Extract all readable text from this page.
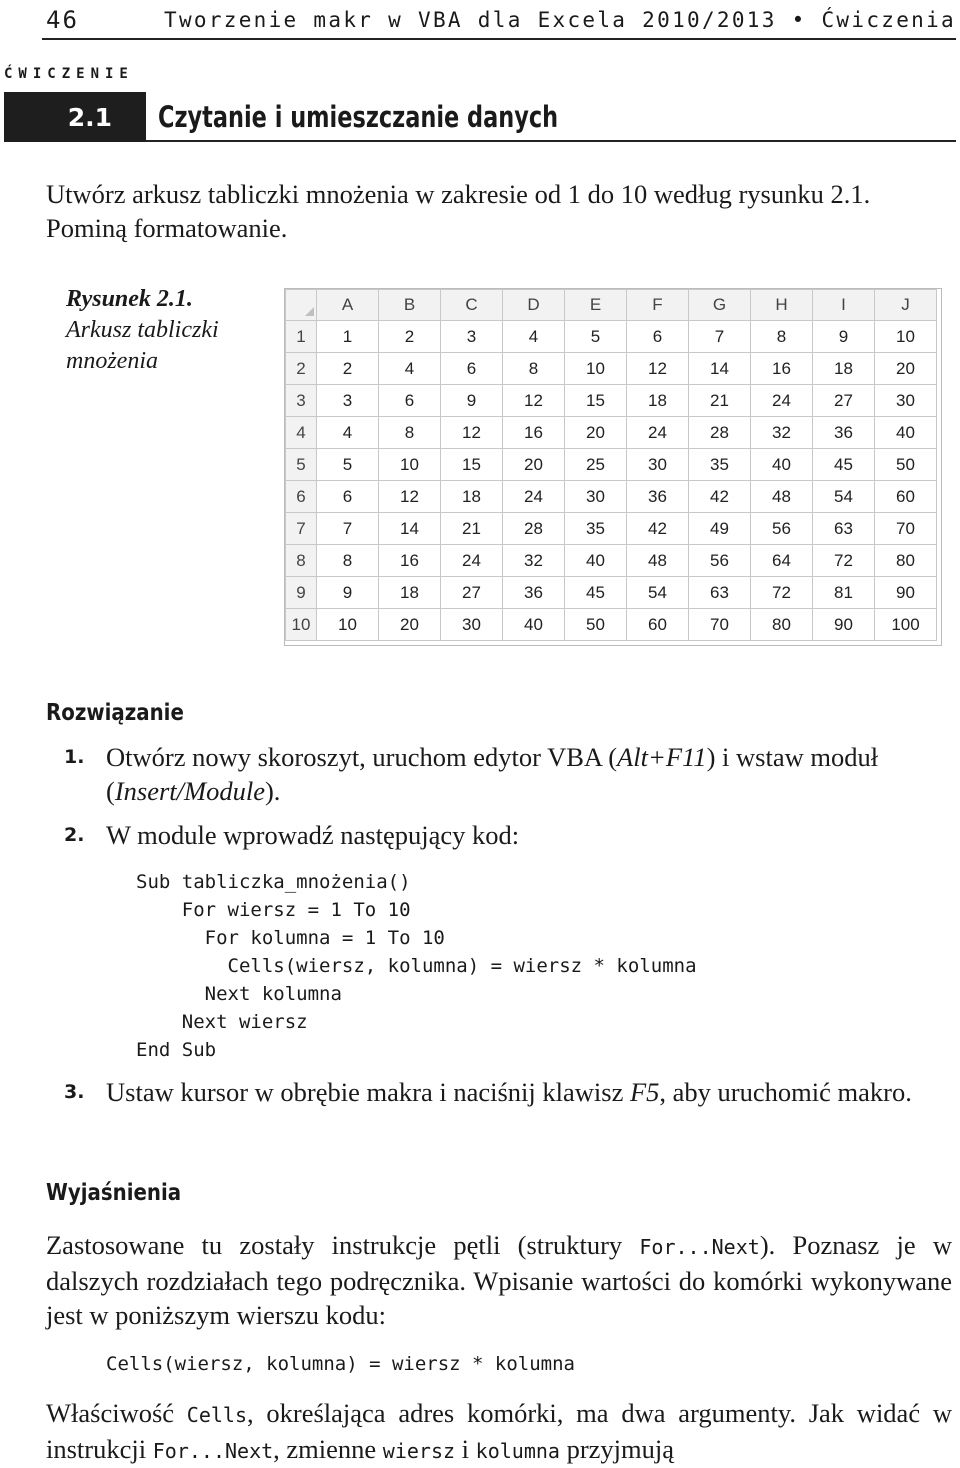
46	Tworzenie makr w VBA dla Excela 2010/2013 • Ćwiczenia
ĆWICZENIE
2.1	Czytanie i umieszczanie danych

Utwórz arkusz tabliczki mnożenia w zakresie od 1 do 10 według rysunku 2.1. Pominą formatowanie.

Rysunek 2.1.
Arkusz tabliczki mnożenia
	A	B	C	D	E	F	G	H	I	J
1	1	2	3	4	5	6	7	8	9	10
2	2	4	6	8	10	12	14	16	18	20
3	3	6	9	12	15	18	21	24	27	30
4	4	8	12	16	20	24	28	32	36	40
5	5	10	15	20	25	30	35	40	45	50
6	6	12	18	24	30	36	42	48	54	60
7	7	14	21	28	35	42	49	56	63	70
8	8	16	24	32	40	48	56	64	72	80
9	9	18	27	36	45	54	63	72	81	90
10	10	20	30	40	50	60	70	80	90	100
Rozwiązanie
1. Otwórz nowy skoroszyt, uruchom edytor VBA (Alt+F11) i wstaw moduł (Insert/Module).
2. W module wprowadź następujący kod:
Sub tabliczka_mnożenia()
For wiersz = 1 To 10
For kolumna = 1 To 10
Cells(wiersz, kolumna) = wiersz * kolumna
Next kolumna
Next wiersz
End Sub
3. Ustaw kursor w obrębie makra i naciśnij klawisz F5, aby uruchomić makro.
Wyjaśnienia

Zastosowane tu zostały instrukcje pętli (struktury For...Next). Poznasz je w dalszych rozdziałach tego podręcznika. Wpisanie wartości do komórki wykonywane jest w poniższym wierszu kodu:

Cells(wiersz, kolumna) = wiersz * kolumna

Właściwość Cells, określająca adres komórki, ma dwa argumenty. Jak widać w instrukcji For...Next, zmienne wiersz i kolumna przyjmują
